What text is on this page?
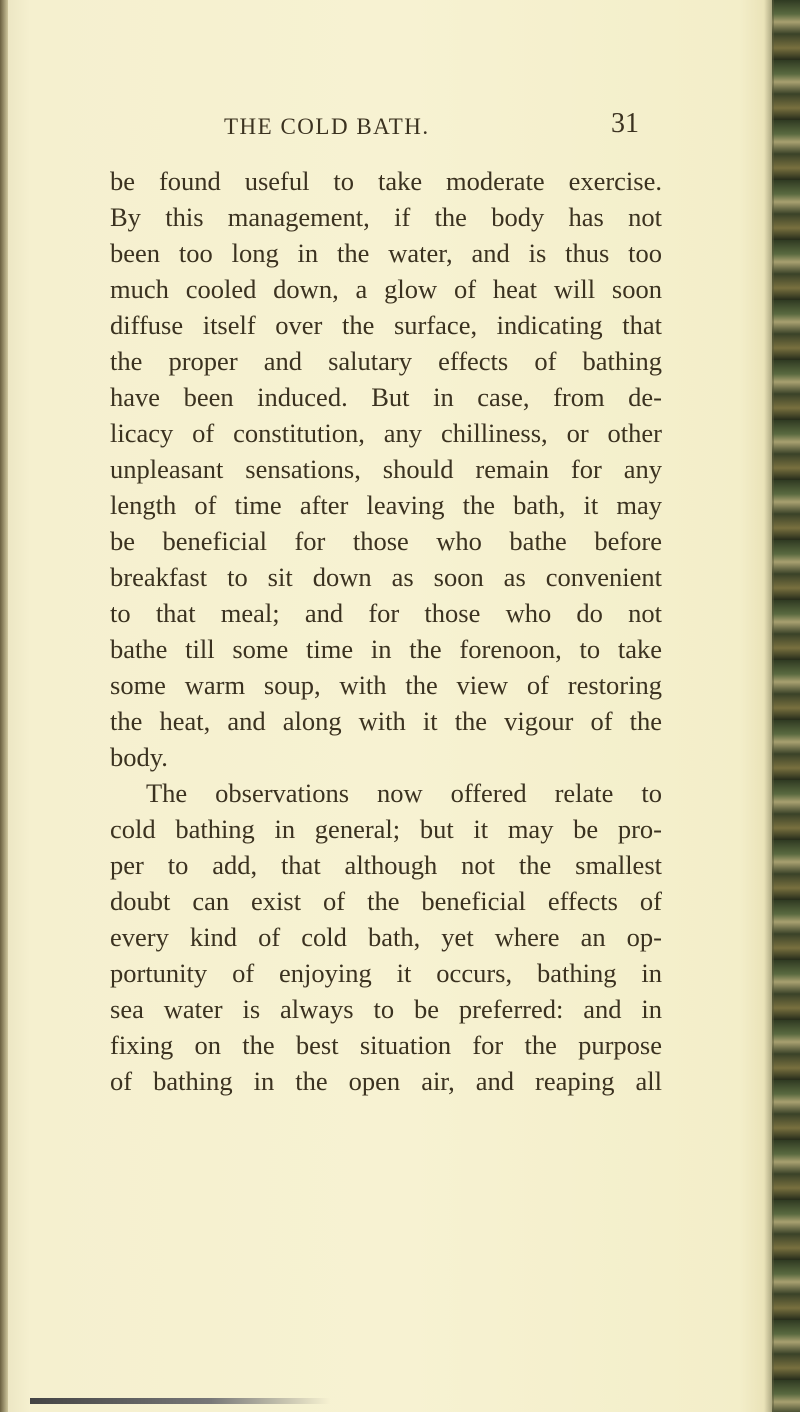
THE COLD BATH.	31
be found useful to take moderate exercise.
By this management, if the body has not
been too long in the water, and is thus too
much cooled down, a glow of heat will soon
diffuse itself over the surface, indicating that
the proper and salutary effects of bathing
have been induced. But in case, from de-
licacy of constitution, any chilliness, or other
unpleasant sensations, should remain for any
length of time after leaving the bath, it may
be beneficial for those who bathe before
breakfast to sit down as soon as convenient
to that meal; and for those who do not
bathe till some time in the forenoon, to take
some warm soup, with the view of restoring
the heat, and along with it the vigour of the
body.
The observations now offered relate to
cold bathing in general; but it may be pro-
per to add, that although not the smallest
doubt can exist of the beneficial effects of
every kind of cold bath, yet where an op-
portunity of enjoying it occurs, bathing in
sea water is always to be preferred: and in
fixing on the best situation for the purpose
of bathing in the open air, and reaping all
